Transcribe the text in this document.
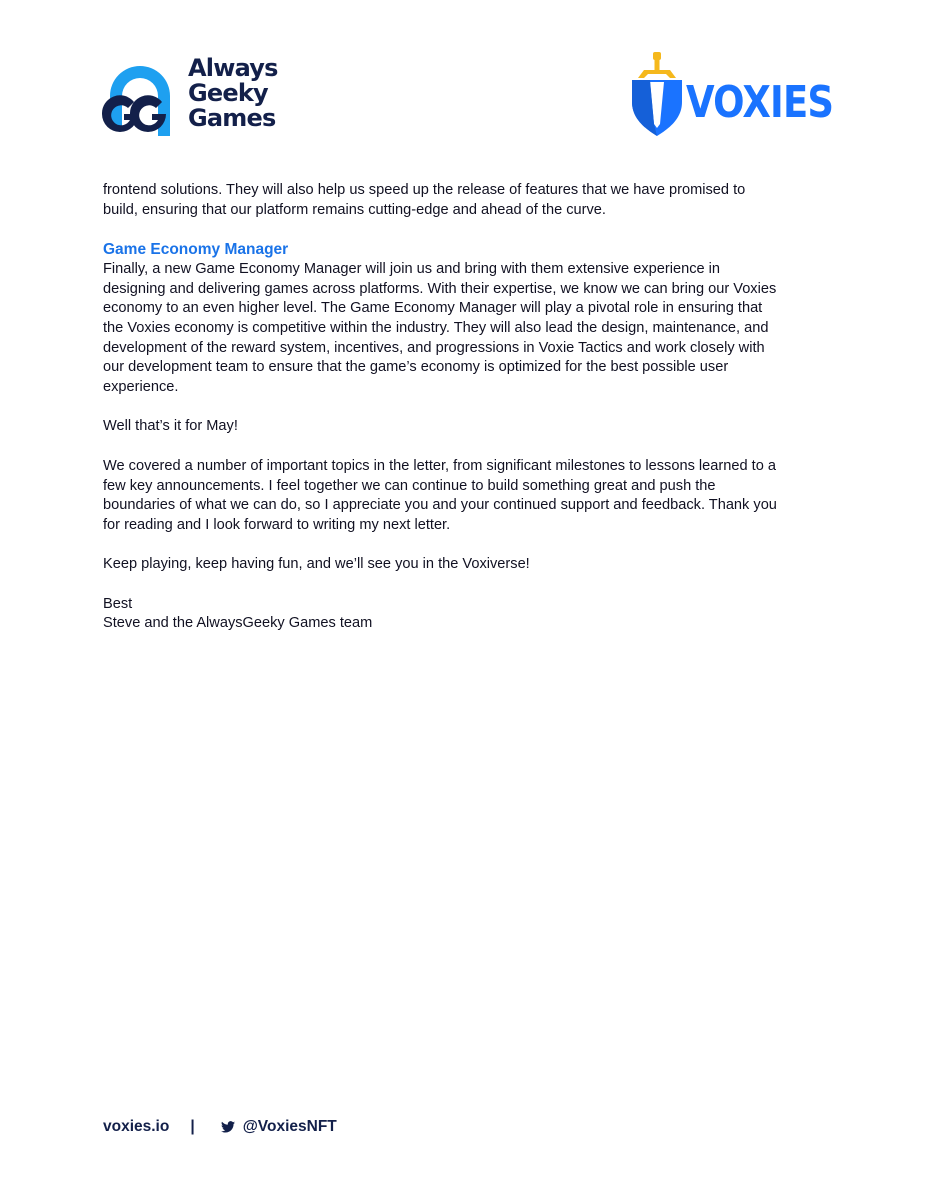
Always
Geeky
Games	VOXIES

frontend solutions. They will also help us speed up the release of features that we have promised to build, ensuring that our platform remains cutting-edge and ahead of the curve.

Game Economy Manager

Finally, a new Game Economy Manager will join us and bring with them extensive experience in designing and delivering games across platforms. With their expertise, we know we can bring our Voxies economy to an even higher level. The Game Economy Manager will play a pivotal role in ensuring that the Voxies economy is competitive within the industry. They will also lead the design, maintenance, and development of the reward system, incentives, and progressions in Voxie Tactics and work closely with our development team to ensure that the game’s economy is optimized for the best possible user experience.

Well that’s it for May!

We covered a number of important topics in the letter, from significant milestones to lessons learned to a few key announcements. I feel together we can continue to build something great and push the boundaries of what we can do, so I appreciate you and your continued support and feedback. Thank you for reading and I look forward to writing my next letter.

Keep playing, keep having fun, and we’ll see you in the Voxiverse!

Best

Steve and the AlwaysGeeky Games team

voxies.io |	@VoxiesNFT
